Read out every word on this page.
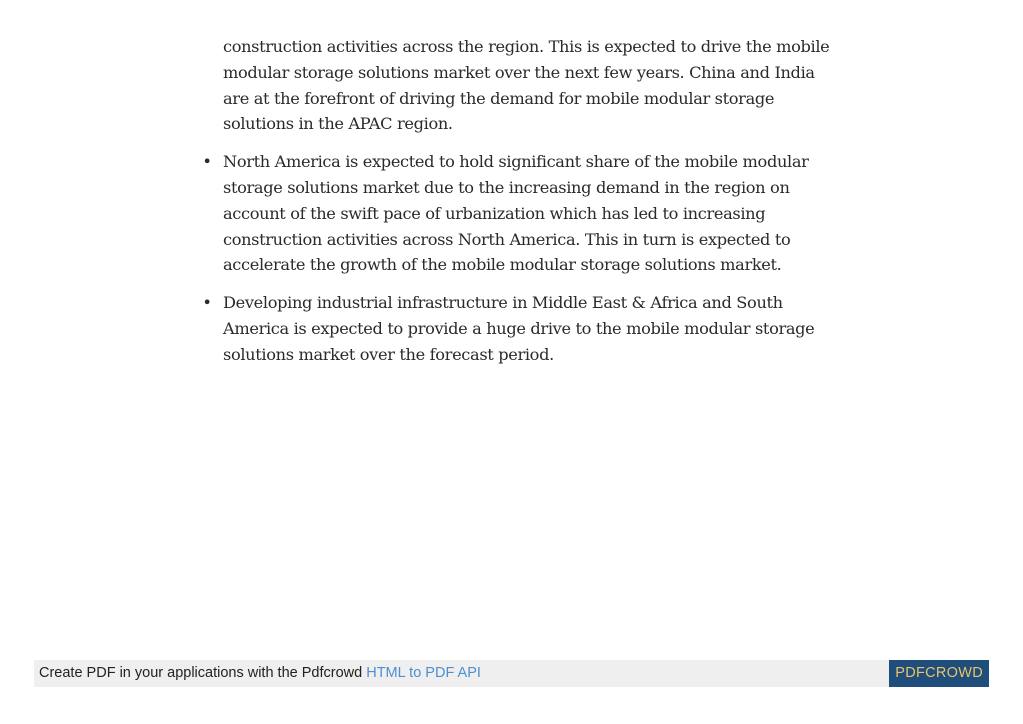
construction activities across the region. This is expected to drive the mobile modular storage solutions market over the next few years. China and India are at the forefront of driving the demand for mobile modular storage solutions in the APAC region.

• North America is expected to hold significant share of the mobile modular storage solutions market due to the increasing demand in the region on account of the swift pace of urbanization which has led to increasing construction activities across North America. This in turn is expected to accelerate the growth of the mobile modular storage solutions market.
• Developing industrial infrastructure in Middle East & Africa and South America is expected to provide a huge drive to the mobile modular storage solutions market over the forecast period.
Create PDF in your applications with the Pdfcrowd HTML to PDF API	PDFCROWD
